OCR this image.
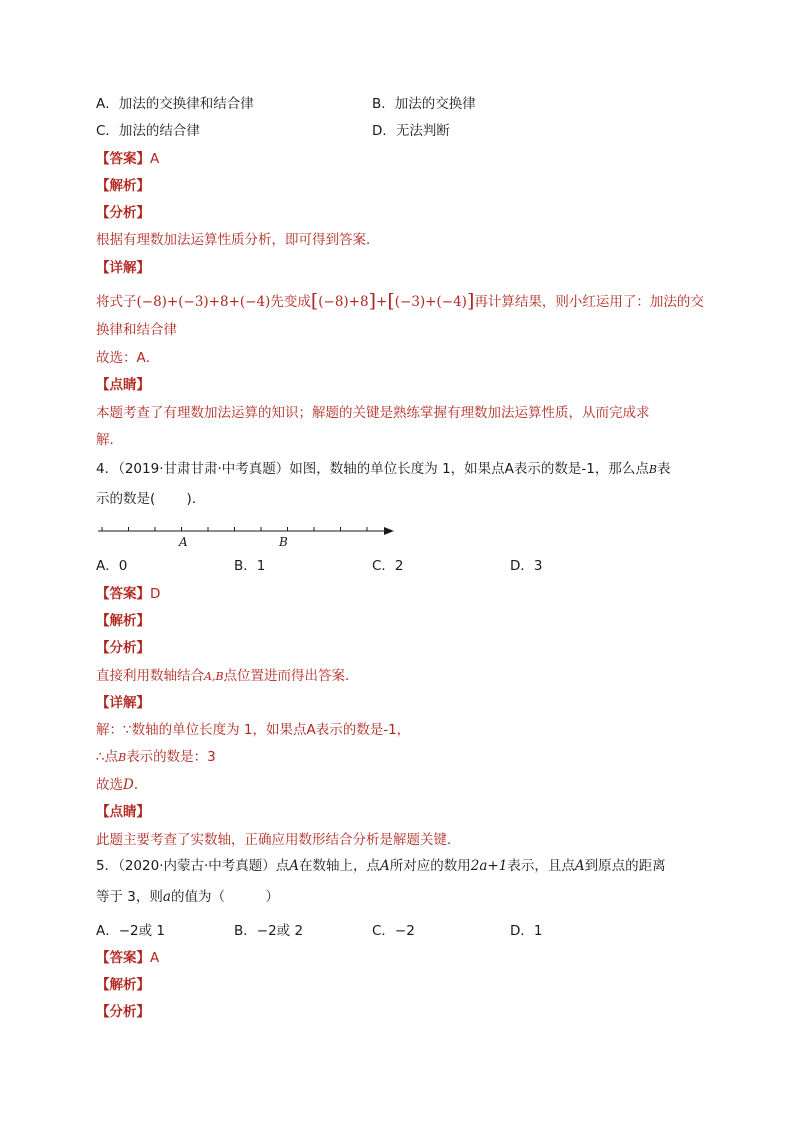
A．加法的交换律和结合律	B．加法的交换律
C．加法的结合律	D．无法判断
【答案】A
【解析】
【分析】
根据有理数加法运算性质分析，即可得到答案．
【详解】
将式子(−8)+(−3)+8+(−4)先变成[(−8)+8]+[(−3)+(−4)]再计算结果，则小红运用了：加法的交
换律和结合律
故选：A．
【点睛】
本题考查了有理数加法运算的知识；解题的关键是熟练掌握有理数加法运算性质，从而完成求
解．
4．（2019·甘肃甘肃·中考真题）如图，数轴的单位长度为 1，如果点A表示的数是-1，那么点B表
示的数是(　　 )．
A	B
A．0	B．1	C．2	D．3
【答案】D
【解析】
【分析】
直接利用数轴结合A,B点位置进而得出答案．
【详解】
解：∵数轴的单位长度为 1，如果点A表示的数是-1，
∴点B表示的数是：3
故选D．
【点睛】
此题主要考查了实数轴，正确应用数形结合分析是解题关键．
5．（2020·内蒙古·中考真题）点A在数轴上，点A所对应的数用2a+1表示，且点A到原点的距离
等于 3，则a的值为（　　　）
A．−2或 1	B．−2或 2	C．−2	D．1
【答案】A
【解析】
【分析】
